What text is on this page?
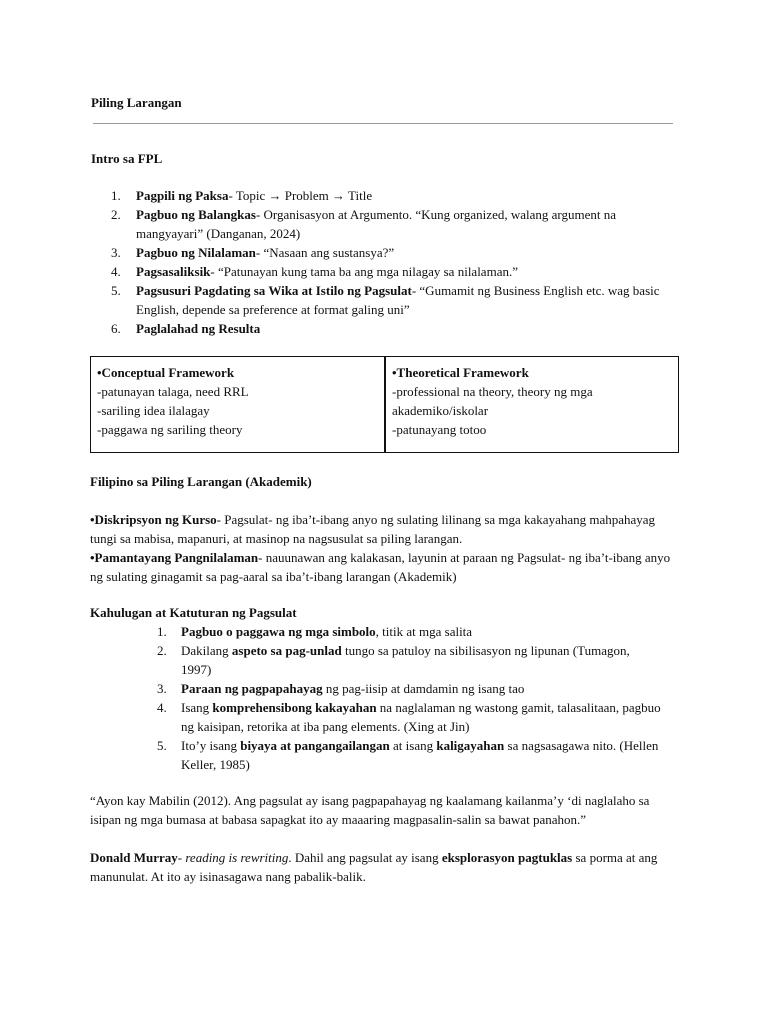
Piling Larangan
Intro sa FPL
1. Pagpili ng Paksa- Topic → Problem → Title
2. Pagbuo ng Balangkas- Organisasyon at Argumento. “Kung organized, walang argument na mangyayari” (Danganan, 2024)
3. Pagbuo ng Nilalaman- “Nasaan ang sustansya?”
4. Pagsasaliksik- “Patunayan kung tama ba ang mga nilagay sa nilalaman.”
5. Pagsusuri Pagdating sa Wika at Istilo ng Pagsulat- “Gumamit ng Business English etc. wag basic English, depende sa preference at format galing uni”
6. Paglalahad ng Resulta
•Conceptual Framework
-patunayan talaga, need RRL
-sariling idea ilalagay
-paggawa ng sariling theory
•Theoretical Framework
-professional na theory, theory ng mga akademiko/iskolar
-patunayang totoo
Filipino sa Piling Larangan (Akademik)
•Diskripsyon ng Kurso- Pagsulat- ng iba’t-ibang anyo ng sulating lilinang sa mga kakayahang mahpahayag tungi sa mabisa, mapanuri, at masinop na nagsusulat sa piling larangan.
•Pamantayang Pangnilalaman- nauunawan ang kalakasan, layunin at paraan ng Pagsulat- ng iba’t-ibang anyo ng sulating ginagamit sa pag-aaral sa iba’t-ibang larangan (Akademik)
Kahulugan at Katuturan ng Pagsulat
1. Pagbuo o paggawa ng mga simbolo, titik at mga salita
2. Dakilang aspeto sa pag-unlad tungo sa patuloy na sibilisasyon ng lipunan (Tumagon, 1997)
3. Paraan ng pagpapahayag ng pag-iisip at damdamin ng isang tao
4. Isang komprehensibong kakayahan na naglalaman ng wastong gamit, talasalitaan, pagbuo ng kaisipan, retorika at iba pang elements. (Xing at Jin)
5. Ito’y isang biyaya at pangangailangan at isang kaligayahan sa nagsasagawa nito. (Hellen Keller, 1985)
“Ayon kay Mabilin (2012). Ang pagsulat ay isang pagpapahayag ng kaalamang kailanma’y ‘di naglalaho sa isipan ng mga bumasa at babasa sapagkat ito ay maaaring magpasalin-salin sa bawat panahon.”
Donald Murray- reading is rewriting. Dahil ang pagsulat ay isang eksplorasyon pagtuklas sa porma at ang manunulat. At ito ay isinasagawa nang pabalik-balik.
